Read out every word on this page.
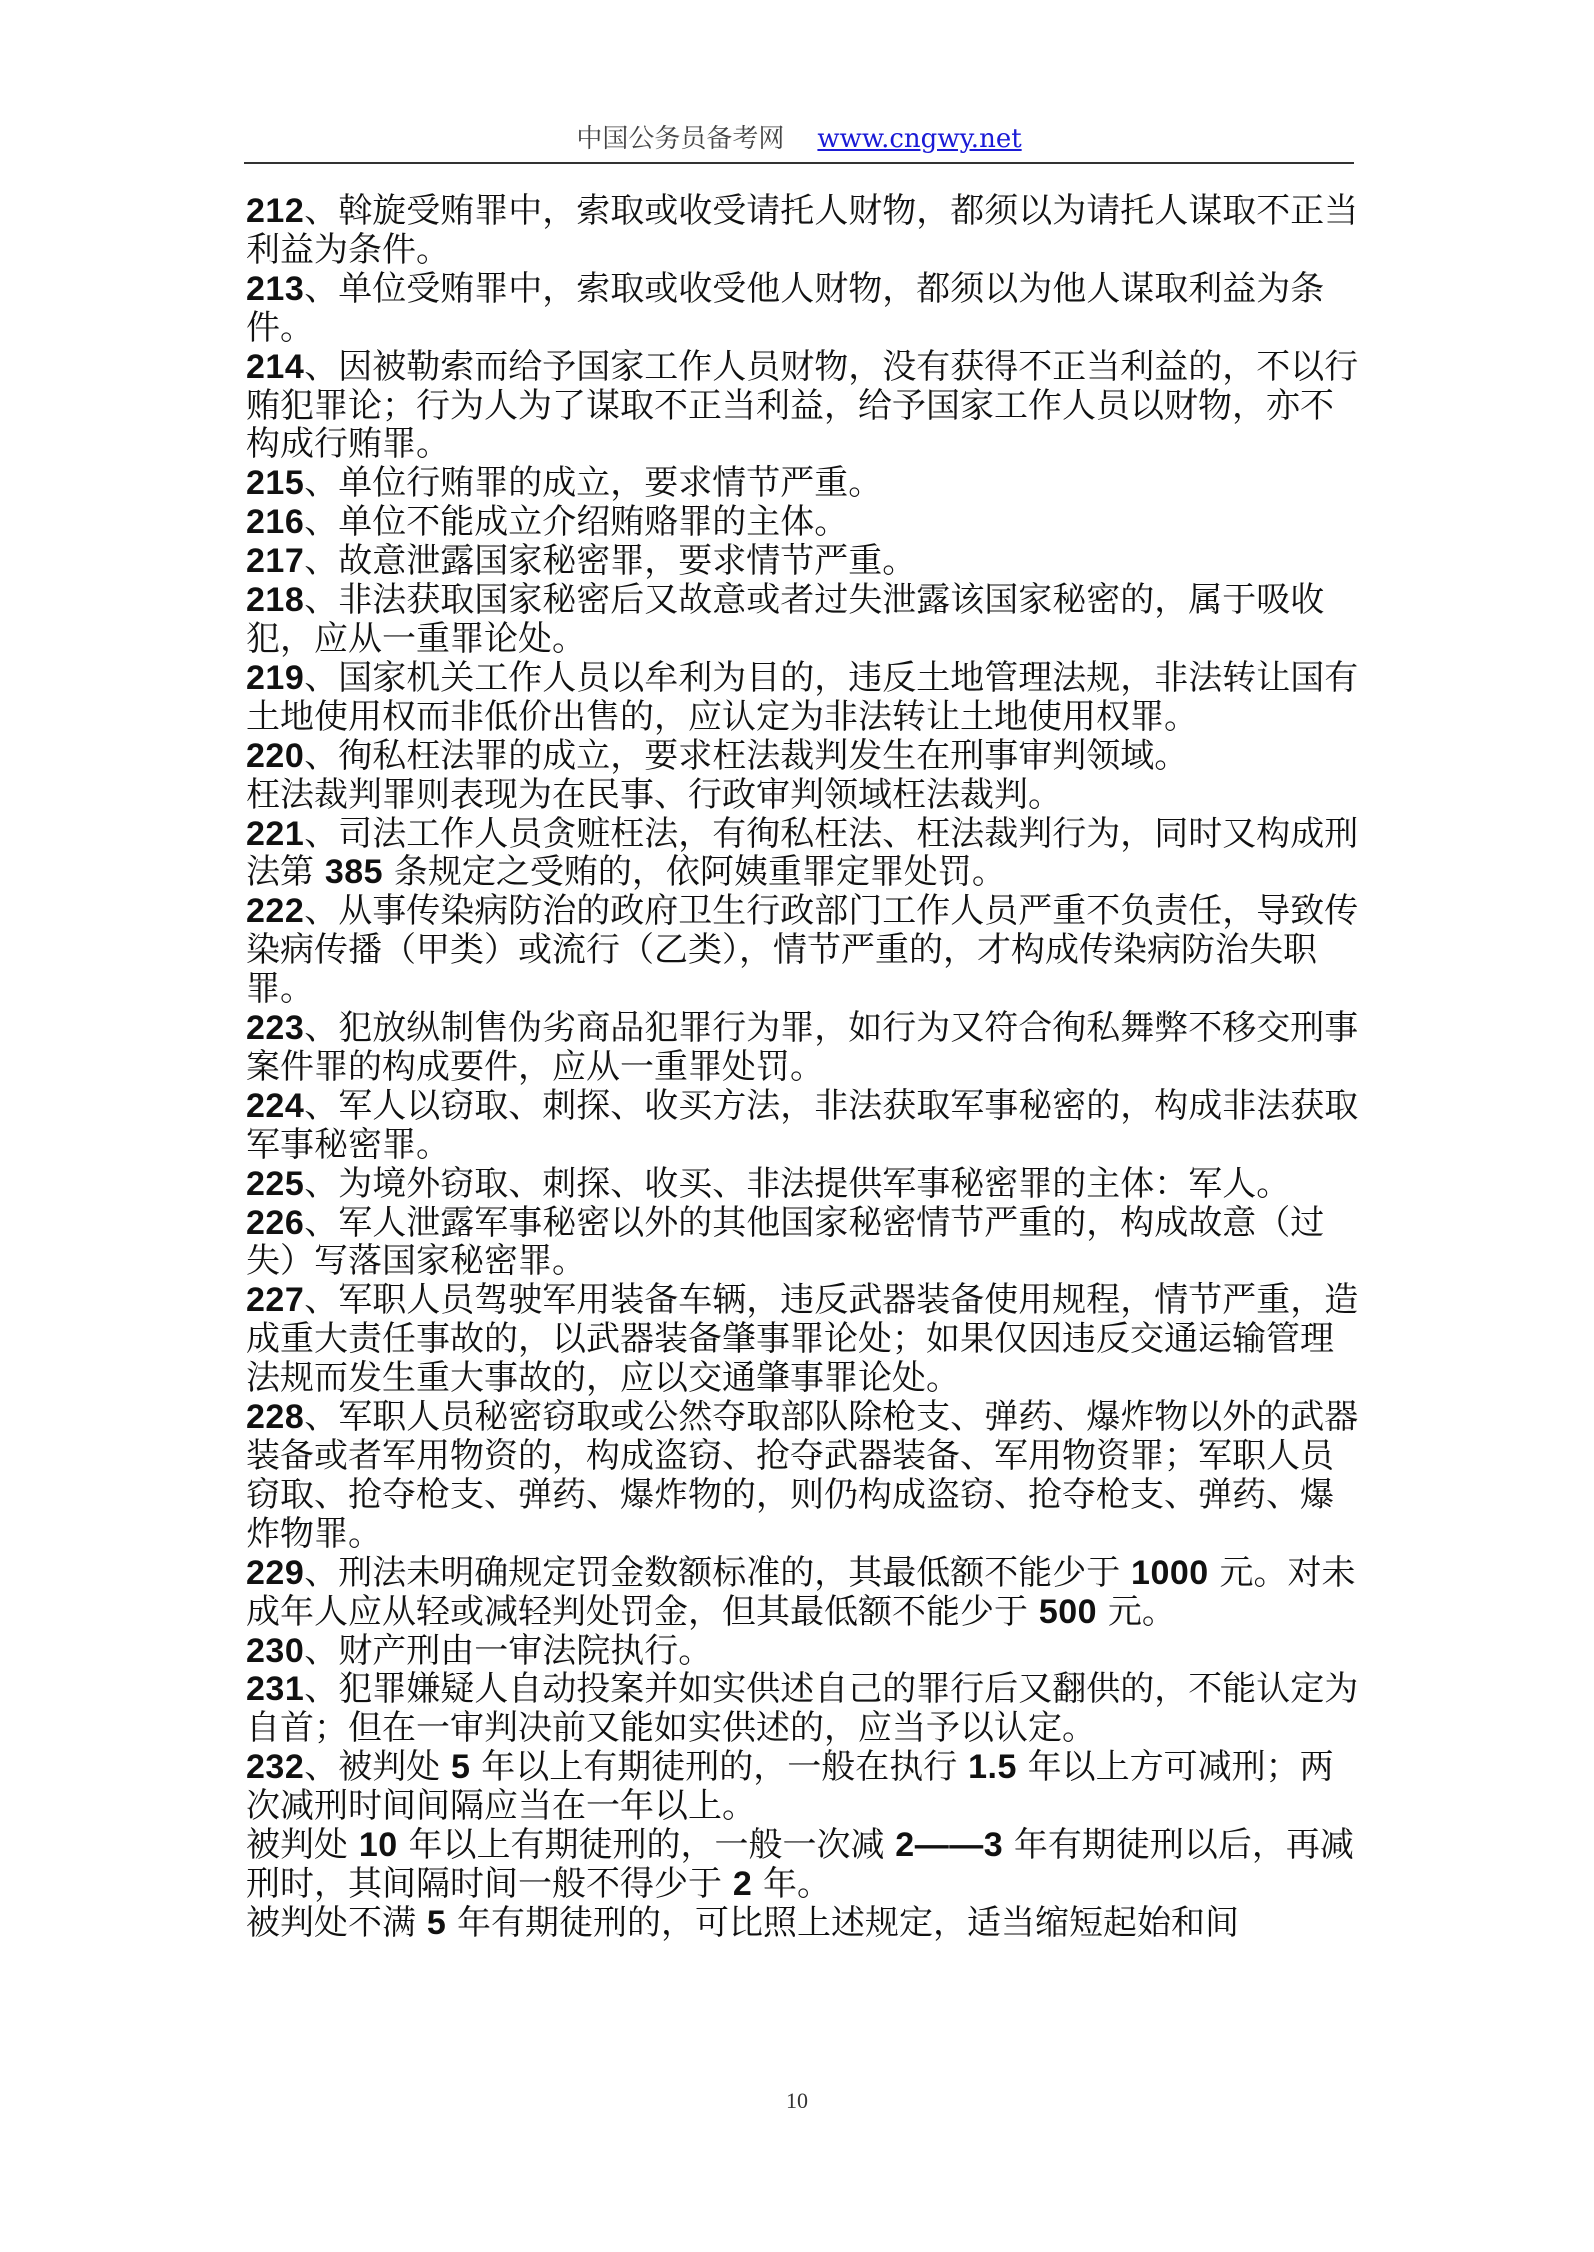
中国公务员备考网 www.cngwy.net

212、斡旋受贿罪中，索取或收受请托人财物，都须以为请托人谋取不正当利益为条件。

213、单位受贿罪中，索取或收受他人财物，都须以为他人谋取利益为条件。

214、因被勒索而给予国家工作人员财物，没有获得不正当利益的，不以行贿犯罪论；行为人为了谋取不正当利益，给予国家工作人员以财物，亦不构成行贿罪。

215、单位行贿罪的成立，要求情节严重。

216、单位不能成立介绍贿赂罪的主体。

217、故意泄露国家秘密罪，要求情节严重。

218、非法获取国家秘密后又故意或者过失泄露该国家秘密的，属于吸收犯，应从一重罪论处。

219、国家机关工作人员以牟利为目的，违反土地管理法规，非法转让国有土地使用权而非低价出售的，应认定为非法转让土地使用权罪。

220、徇私枉法罪的成立，要求枉法裁判发生在刑事审判领域。

枉法裁判罪则表现为在民事、行政审判领域枉法裁判。

221、司法工作人员贪赃枉法，有徇私枉法、枉法裁判行为，同时又构成刑法第 385 条规定之受贿的，依阿姨重罪定罪处罚。

222、从事传染病防治的政府卫生行政部门工作人员严重不负责任，导致传染病传播（甲类）或流行（乙类），情节严重的，才构成传染病防治失职罪。

223、犯放纵制售伪劣商品犯罪行为罪，如行为又符合徇私舞弊不移交刑事案件罪的构成要件，应从一重罪处罚。

224、军人以窃取、刺探、收买方法，非法获取军事秘密的，构成非法获取军事秘密罪。

225、为境外窃取、刺探、收买、非法提供军事秘密罪的主体：军人。

226、军人泄露军事秘密以外的其他国家秘密情节严重的，构成故意（过失）写落国家秘密罪。

227、军职人员驾驶军用装备车辆，违反武器装备使用规程，情节严重，造成重大责任事故的，以武器装备肇事罪论处；如果仅因违反交通运输管理法规而发生重大事故的，应以交通肇事罪论处。

228、军职人员秘密窃取或公然夺取部队除枪支、弹药、爆炸物以外的武器装备或者军用物资的，构成盗窃、抢夺武器装备、军用物资罪；军职人员窃取、抢夺枪支、弹药、爆炸物的，则仍构成盗窃、抢夺枪支、弹药、爆炸物罪。

229、刑法未明确规定罚金数额标准的，其最低额不能少于 1000 元。对未成年人应从轻或减轻判处罚金，但其最低额不能少于 500 元。

230、财产刑由一审法院执行。

231、犯罪嫌疑人自动投案并如实供述自己的罪行后又翻供的，不能认定为自首；但在一审判决前又能如实供述的，应当予以认定。

232、被判处 5 年以上有期徒刑的，一般在执行 1.5 年以上方可减刑；两次减刑时间间隔应当在一年以上。

被判处 10 年以上有期徒刑的，一般一次减 2——3 年有期徒刑以后，再减刑时，其间隔时间一般不得少于 2 年。

被判处不满 5 年有期徒刑的，可比照上述规定，适当缩短起始和间

10
